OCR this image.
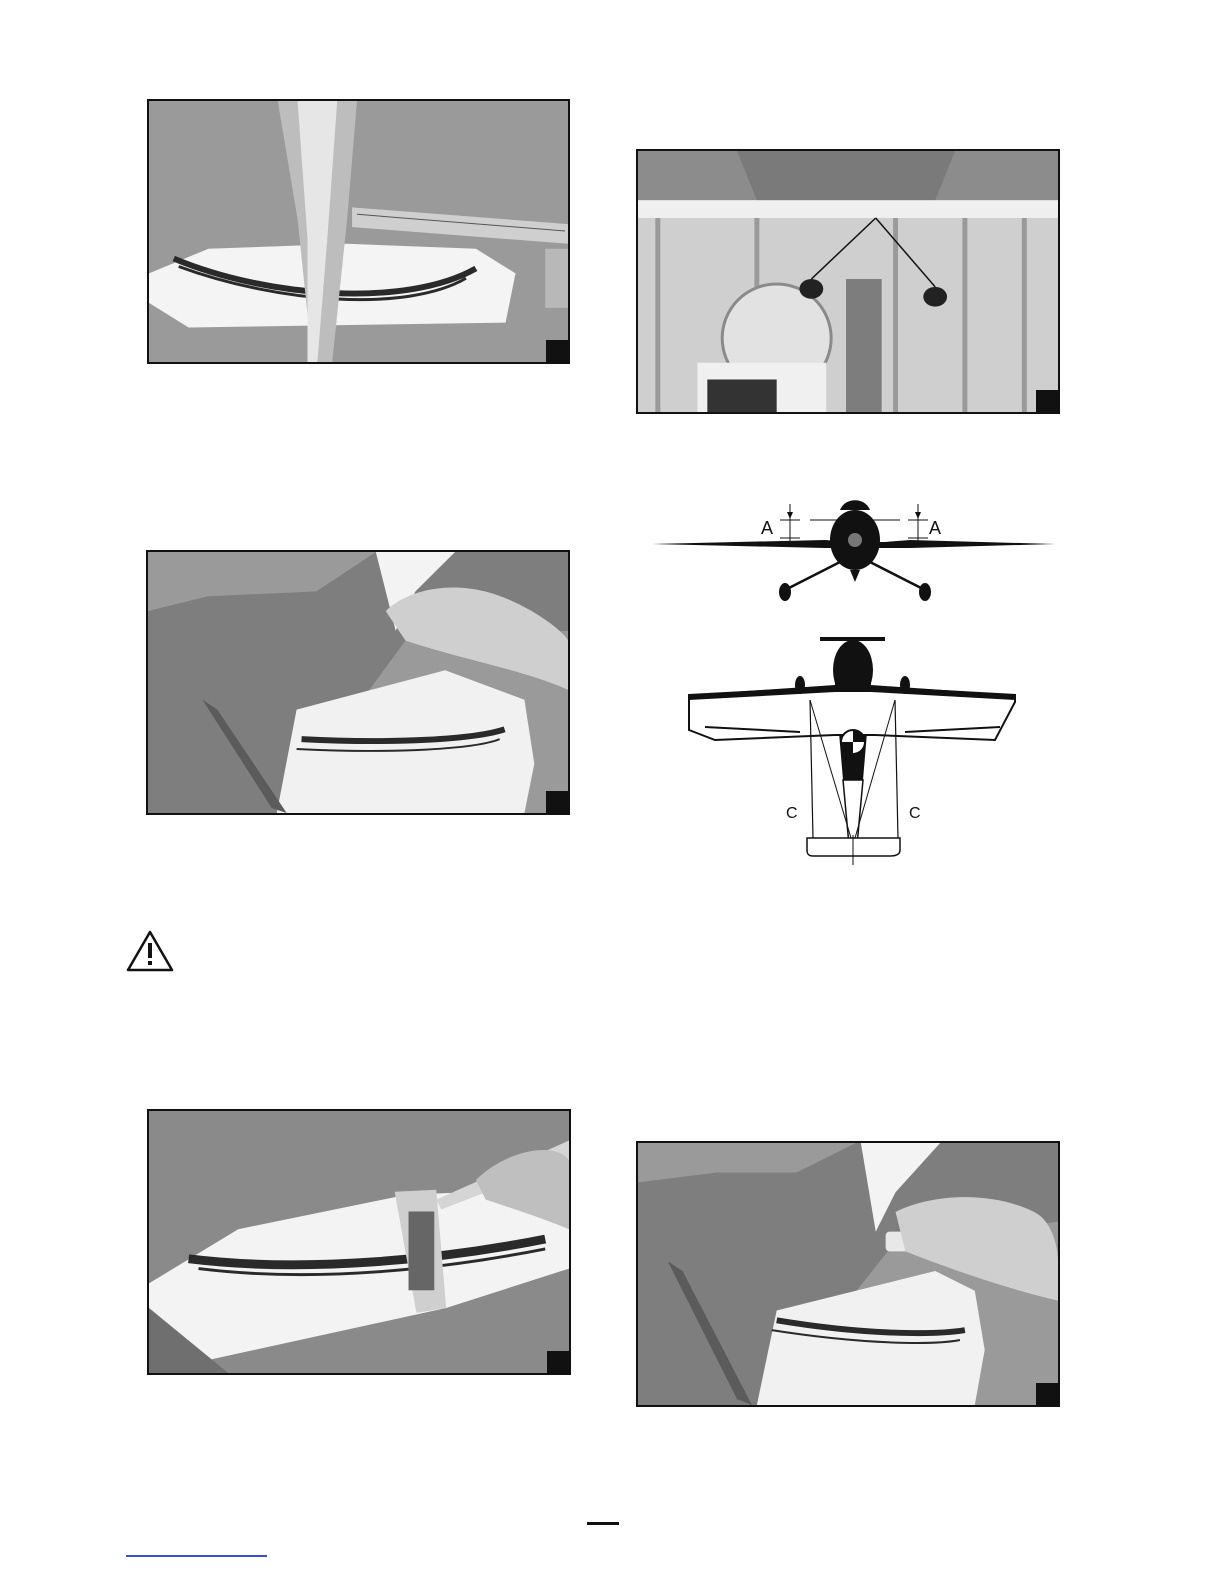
A	A
C	C
